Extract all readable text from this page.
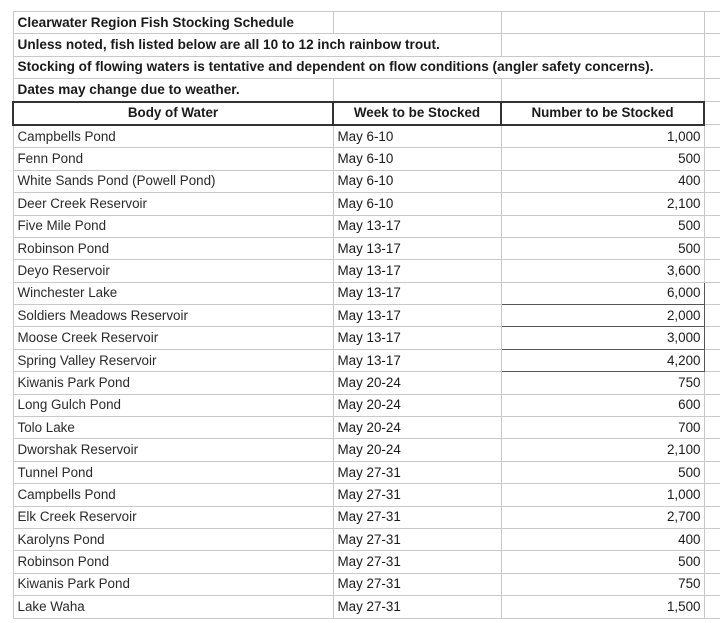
Clearwater Region Fish Stocking Schedule			
Unless noted, fish listed below are all 10 to 12 inch rainbow trout.			
Stocking of flowing waters is tentative and dependent on flow conditions (angler safety concerns).			
Dates may change due to weather.			
Body of Water	Week to be Stocked	Number to be Stocked	
Campbells Pond	May 6-10	1,000	
Fenn Pond	May 6-10	500	
White Sands Pond (Powell Pond)	May 6-10	400	
Deer Creek Reservoir	May 6-10	2,100	
Five Mile Pond	May 13-17	500	
Robinson Pond	May 13-17	500	
Deyo Reservoir	May 13-17	3,600	
Winchester Lake	May 13-17	6,000	
Soldiers Meadows Reservoir	May 13-17	2,000	
Moose Creek Reservoir	May 13-17	3,000	
Spring Valley Reservoir	May 13-17	4,200	
Kiwanis Park Pond	May 20-24	750	
Long Gulch Pond	May 20-24	600	
Tolo Lake	May 20-24	700	
Dworshak Reservoir	May 20-24	2,100	
Tunnel Pond	May 27-31	500	
Campbells Pond	May 27-31	1,000	
Elk Creek Reservoir	May 27-31	2,700	
Karolyns Pond	May 27-31	400	
Robinson Pond	May 27-31	500	
Kiwanis Park Pond	May 27-31	750	
Lake Waha	May 27-31	1,500	
